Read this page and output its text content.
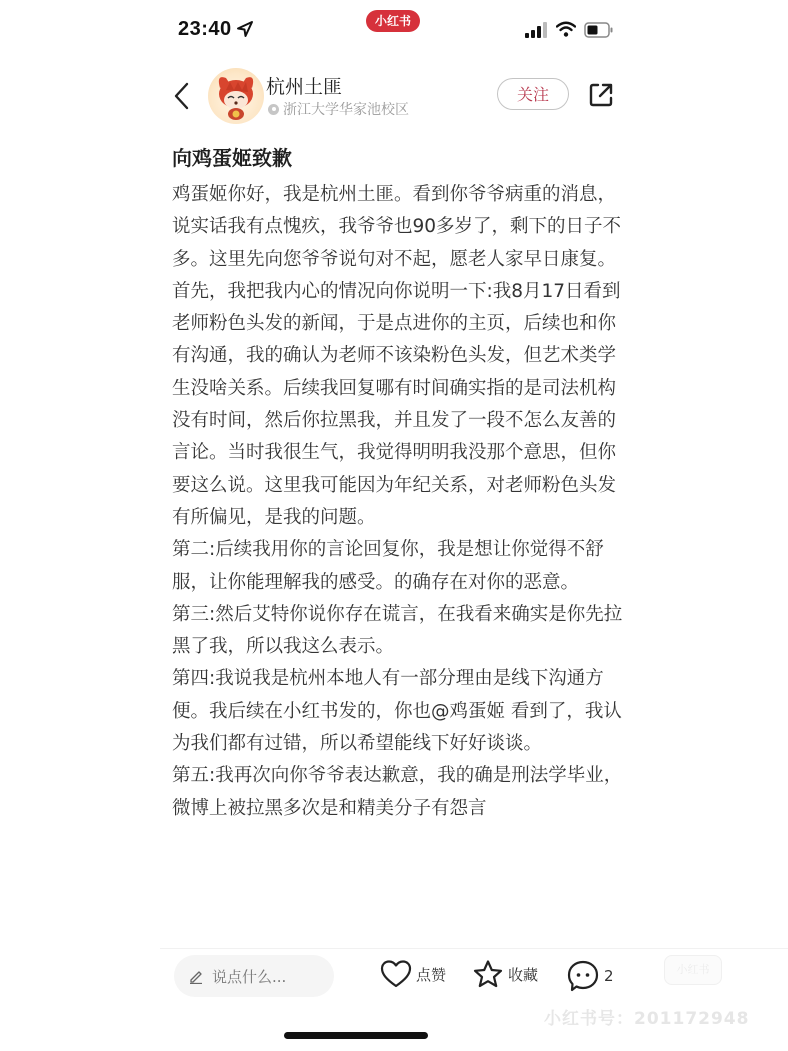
23:40	小红书
杭州土匪
浙江大学华家池校区
关注
向鸡蛋姬致歉

鸡蛋姬你好，我是杭州土匪。看到你爷爷病重的消息，说实话我有点愧疚，我爷爷也90多岁了，剩下的日子不多。这里先向您爷爷说句对不起，愿老人家早日康复。

首先，我把我内心的情况向你说明一下:我8月17日看到老师粉色头发的新闻，于是点进你的主页，后续也和你有沟通，我的确认为老师不该染粉色头发，但艺术类学生没啥关系。后续我回复哪有时间确实指的是司法机构没有时间，然后你拉黑我，并且发了一段不怎么友善的言论。当时我很生气，我觉得明明我没那个意思，但你要这么说。这里我可能因为年纪关系，对老师粉色头发有所偏见，是我的问题。

第二:后续我用你的言论回复你，我是想让你觉得不舒服，让你能理解我的感受。的确存在对你的恶意。

第三:然后艾特你说你存在谎言，在我看来确实是你先拉黑了我，所以我这么表示。

第四:我说我是杭州本地人有一部分理由是线下沟通方便。我后续在小红书发的，你也@鸡蛋姬 看到了，我认为我们都有过错，所以希望能线下好好谈谈。

第五:我再次向你爷爷表达歉意，我的确是刑法学毕业，微博上被拉黑多次是和精美分子有怨言

说点什么...	点赞	收藏	2	小红书
小红书号：20117294​8
